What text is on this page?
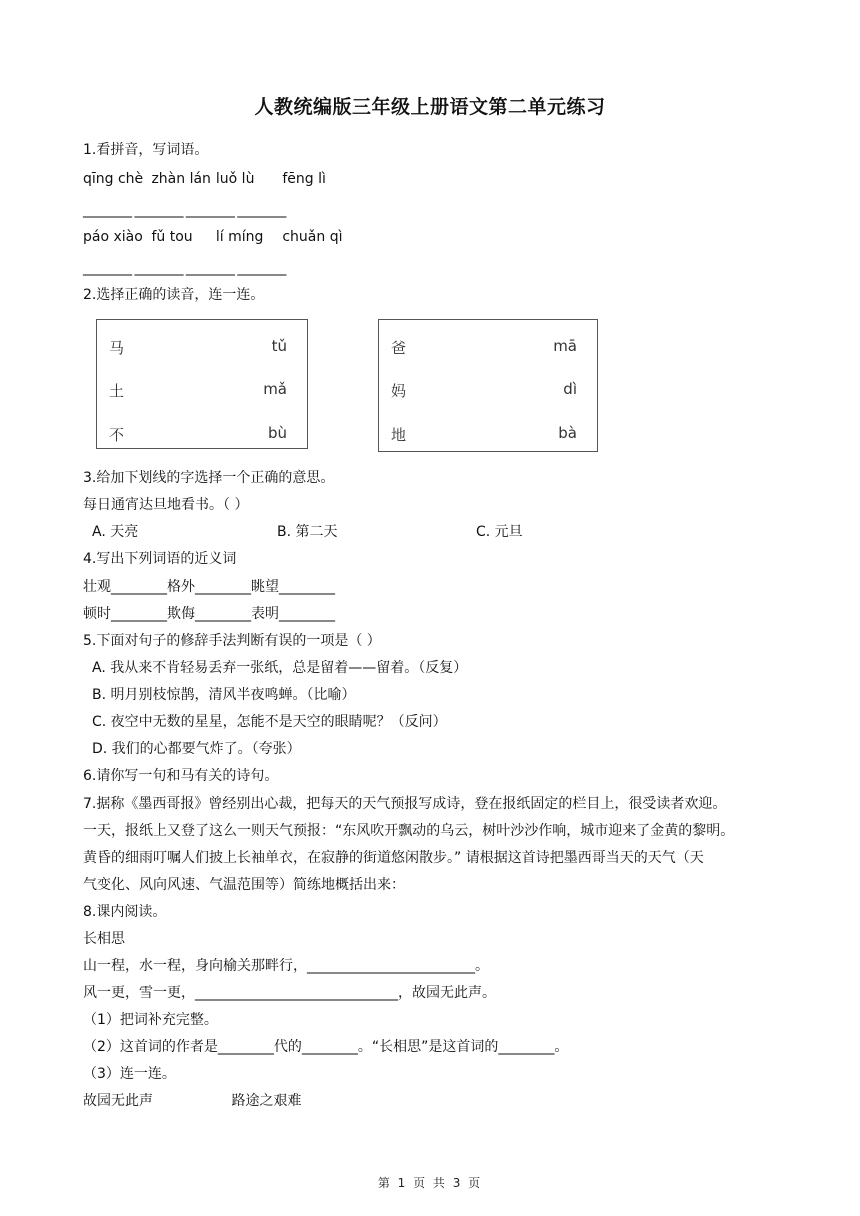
人教统编版三年级上册语文第二单元练习
1.看拼音，写词语。
qīng chè zhàn lán luǒ lù fēng lì
________ ________ ________ ________
páo xiào fǔ tou lí míng chuǎn qì
________ ________ ________ ________
2.选择正确的读音，连一连。
马	tǔ
土	mǎ
不	bù
爸	mā
妈	dì
地	bà
3.给加下划线的字选择一个正确的意思。
每日通宵达旦地看书。（ ）
A. 天亮	B. 第二天	C. 元旦
4.写出下列词语的近义词
壮观________格外________眺望________
顿时________欺侮________表明________
5.下面对句子的修辞手法判断有误的一项是（ ）
A. 我从来不肯轻易丢弃一张纸，总是留着——留着。（反复）
B. 明月别枝惊鹊，清风半夜鸣蝉。（比喻）
C. 夜空中无数的星星，怎能不是天空的眼睛呢？（反问）
D. 我们的心都要气炸了。（夸张）
6.请你写一句和马有关的诗句。
7.据称《墨西哥报》曾经别出心裁，把每天的天气预报写成诗，登在报纸固定的栏目上，很受读者欢迎。
一天，报纸上又登了这么一则天气预报：“东风吹开飘动的乌云，树叶沙沙作响，城市迎来了金黄的黎明。
黄昏的细雨叮嘱人们披上长袖单衣，在寂静的街道悠闲散步。” 请根据这首诗把墨西哥当天的天气（天
气变化、风向风速、气温范围等）简练地概括出来：
8.课内阅读。
长相思
山一程，水一程，身向榆关那畔行，________________________。
风一更，雪一更，_____________________________，故园无此声。
（1）把词补充完整。
（2）这首词的作者是________代的________。“长相思”是这首词的________。
（3）连一连。
故园无此声	路途之艰难
第 1 页 共 3 页
